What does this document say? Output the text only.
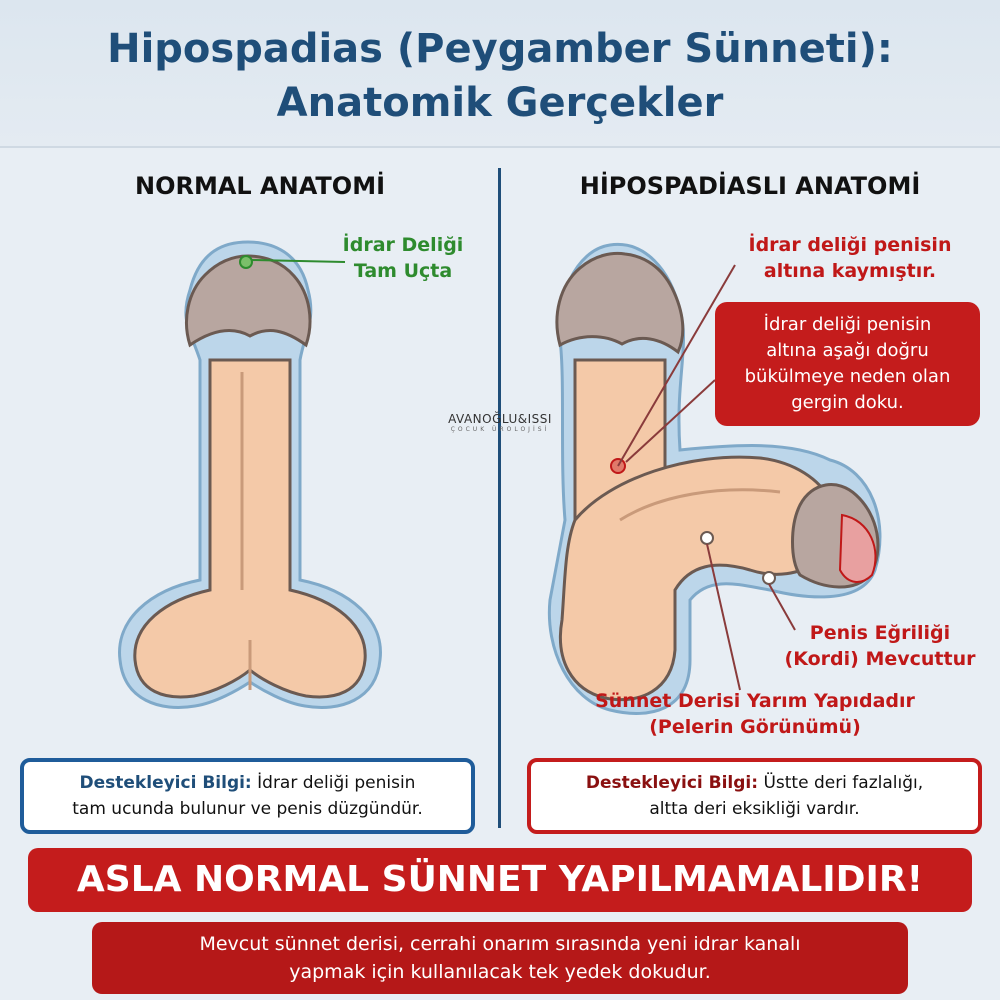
Hipospadias (Peygamber Sünneti):
Anatomik Gerçekler
NORMAL ANATOMİ	HİPOSPADİASLI ANATOMİ
İdrar Deliği
Tam Uçta
İdrar deliği penisin
altına kaymıştır.
İdrar deliği penisin
altına aşağı doğru
bükülmeye neden olan
gergin doku.
AVANOĞLU&ISSI
ÇOCUK ÜROLOJİSİ
Penis Eğriliği
(Kordi) Mevcuttur
Sünnet Derisi Yarım Yapıdadır
(Pelerin Görünümü)
Destekleyici Bilgi: İdrar deliği penisin
tam ucunda bulunur ve penis düzgündür.
Destekleyici Bilgi: Üstte deri fazlalığı,
altta deri eksikliği vardır.
ASLA NORMAL SÜNNET YAPILMAMALIDIR!
Mevcut sünnet derisi, cerrahi onarım sırasında yeni idrar kanalı
yapmak için kullanılacak tek yedek dokudur.
